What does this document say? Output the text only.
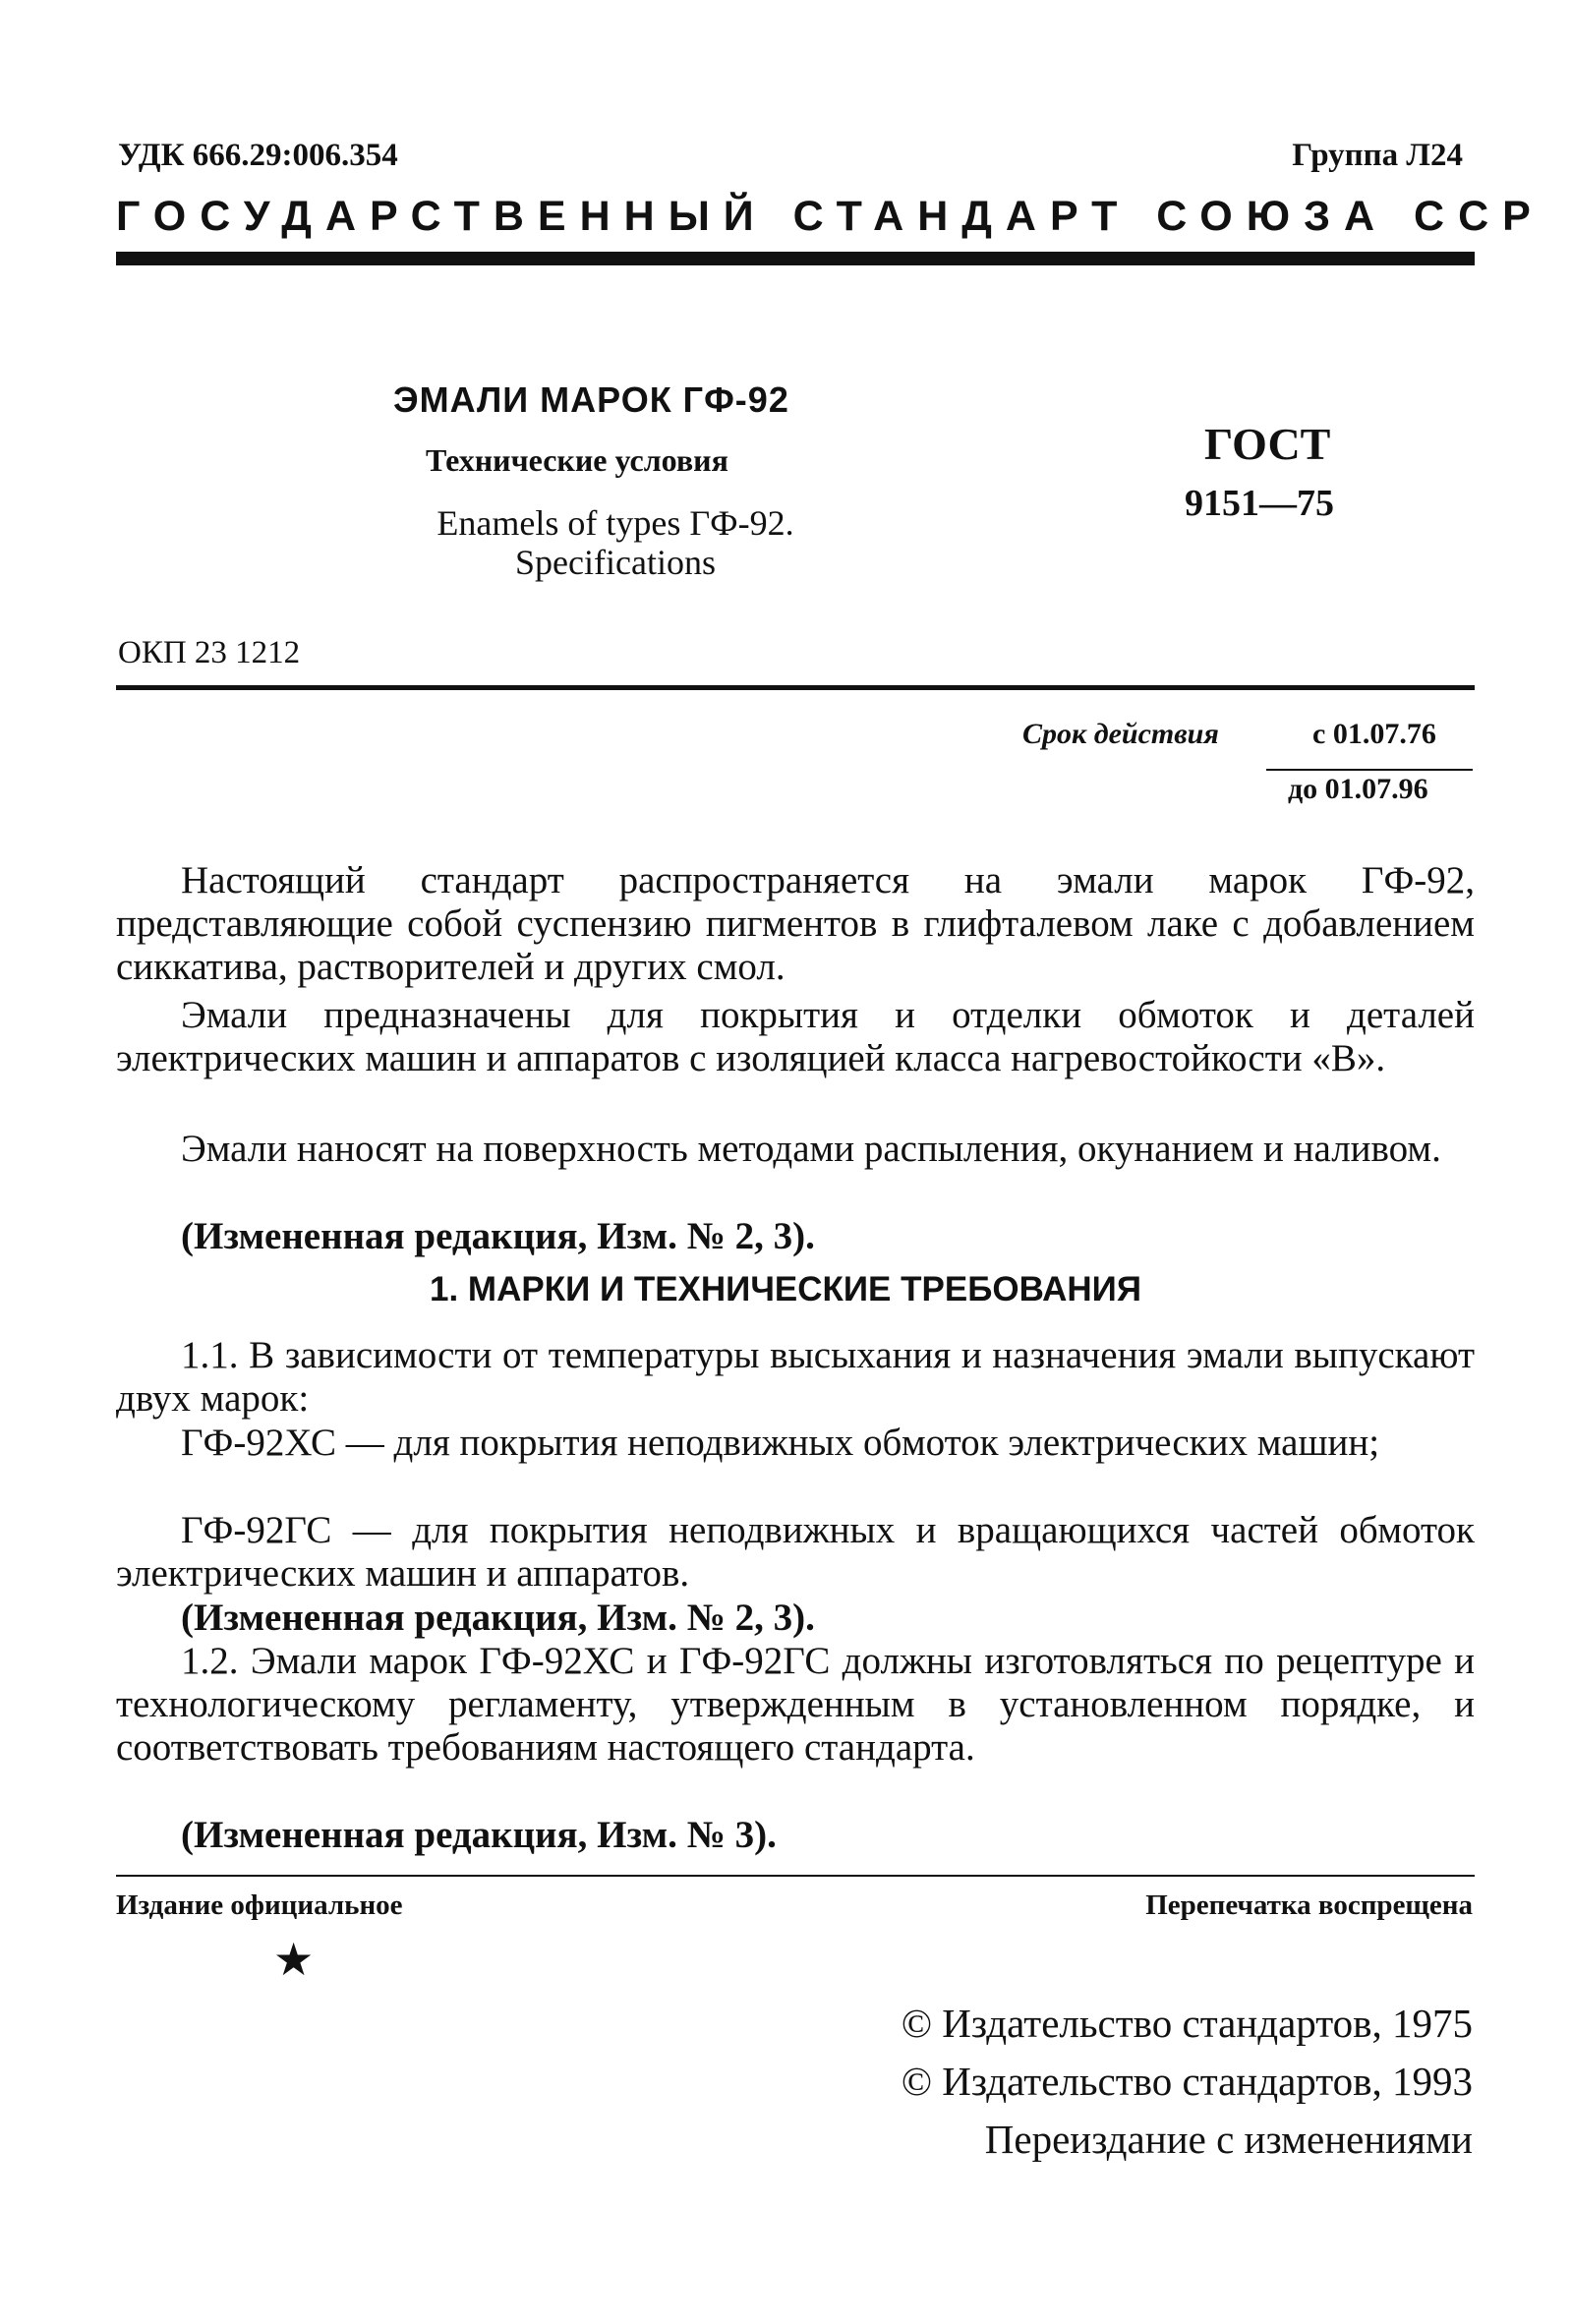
УДК 666.29:006.354	Группа Л24
ГОСУДАРСТВЕННЫЙ СТАНДАРТ СОЮЗА ССР
ЭМАЛИ МАРОК ГФ-92
Технические условия
Enamels of types ГФ-92.
Specifications
ГОСТ
9151—75
ОКП 23 1212
Срок действия	с 01.07.76
до 01.07.96
Настоящий стандарт распространяется на эмали марок ГФ-92, представляющие собой суспензию пигментов в глифталевом лаке с добавлением сиккатива, растворителей и других смол.
Эмали предназначены для покрытия и отделки обмоток и деталей электрических машин и аппаратов с изоляцией класса нагревостойкости «В».
Эмали наносят на поверхность методами распыления, окунанием и наливом.
(Измененная редакция, Изм. № 2, 3).
1. МАРКИ И ТЕХНИЧЕСКИЕ ТРЕБОВАНИЯ
1.1. В зависимости от температуры высыхания и назначения эмали выпускают двух марок:
ГФ-92ХС — для покрытия неподвижных обмоток электрических машин;
ГФ-92ГС — для покрытия неподвижных и вращающихся частей обмоток электрических машин и аппаратов.
(Измененная редакция, Изм. № 2, 3).
1.2. Эмали марок ГФ-92ХС и ГФ-92ГС должны изготовляться по рецептуре и технологическому регламенту, утвержденным в установленном порядке, и соответствовать требованиям настоящего стандарта.
(Измененная редакция, Изм. № 3).
Издание официальное	Перепечатка воспрещена
★
© Издательство стандартов, 1975
© Издательство стандартов, 1993
Переиздание с изменениями
